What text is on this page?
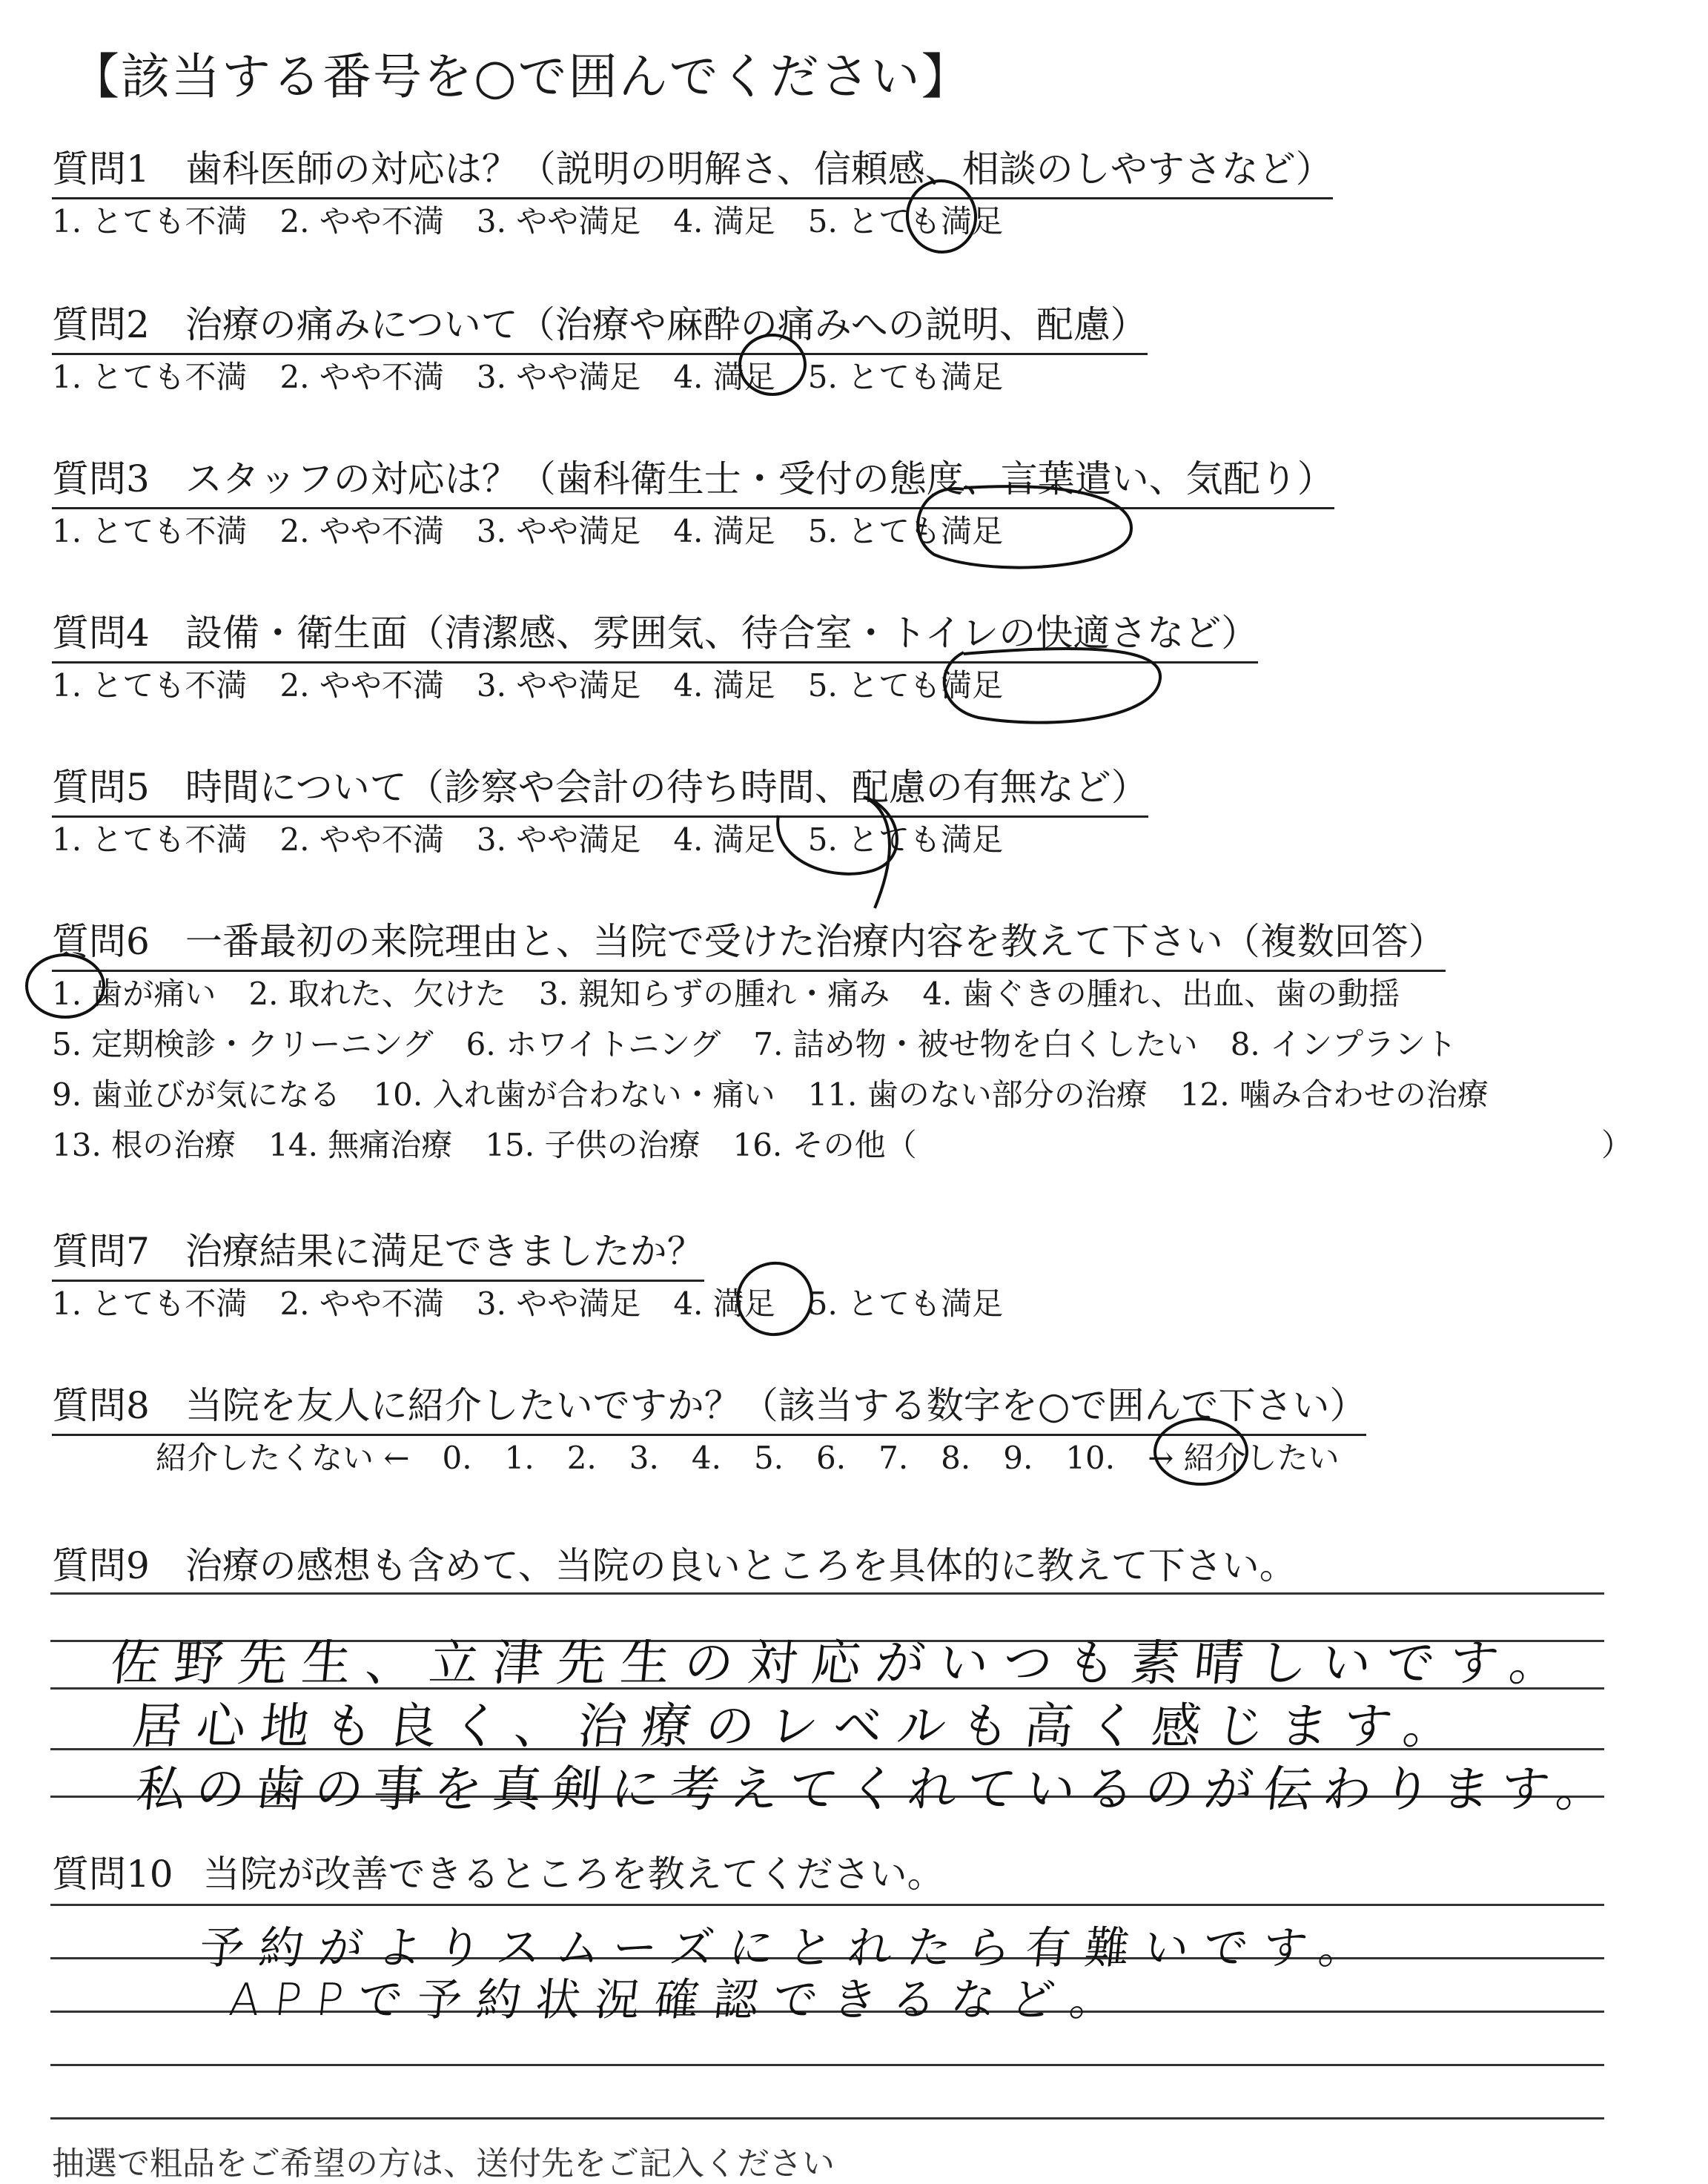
【該当する番号を○で囲んでください】
質問1 歯科医師の対応は？（説明の明解さ、信頼感、相談のしやすさなど）
1. とても不満 2. やや不満 3. やや満足 4. 満足 5. とても満足
質問2 治療の痛みについて（治療や麻酔の痛みへの説明、配慮）
1. とても不満 2. やや不満 3. やや満足 4. 満足 5. とても満足
質問3 スタッフの対応は？（歯科衛生士・受付の態度、言葉遣い、気配り）
1. とても不満 2. やや不満 3. やや満足 4. 満足 5. とても満足
質問4 設備・衛生面（清潔感、雰囲気、待合室・トイレの快適さなど）
1. とても不満 2. やや不満 3. やや満足 4. 満足 5. とても満足
質問5 時間について（診察や会計の待ち時間、配慮の有無など）
1. とても不満 2. やや不満 3. やや満足 4. 満足 5. とても満足
質問6 一番最初の来院理由と、当院で受けた治療内容を教えて下さい（複数回答）
1. 歯が痛い 2. 取れた、欠けた 3. 親知らずの腫れ・痛み 4. 歯ぐきの腫れ、出血、歯の動揺
5. 定期検診・クリーニング 6. ホワイトニング 7. 詰め物・被せ物を白くしたい 8. インプラント
9. 歯並びが気になる 10. 入れ歯が合わない・痛い 11. 歯のない部分の治療 12. 噛み合わせの治療
13. 根の治療 14. 無痛治療 15. 子供の治療 16. その他（	）
質問7 治療結果に満足できましたか？
1. とても不満 2. やや不満 3. やや満足 4. 満足 5. とても満足
質問8 当院を友人に紹介したいですか？（該当する数字を○で囲んで下さい）
紹介したくない ← 0. 1. 2. 3. 4. 5. 6. 7. 8. 9. 10. → 紹介したい
質問9 治療の感想も含めて、当院の良いところを具体的に教えて下さい。
佐野先生、立津先生の対応がいつも素晴しいです。
居心地も良く、治療のレベルも高く感じます。
私の歯の事を真剣に考えてくれているのが伝わります。
質問10 当院が改善できるところを教えてください。
予約がよりスムーズにとれたら有難いです。
APPで予約状況確認できるなど。
抽選で粗品をご希望の方は、送付先をご記入ください
